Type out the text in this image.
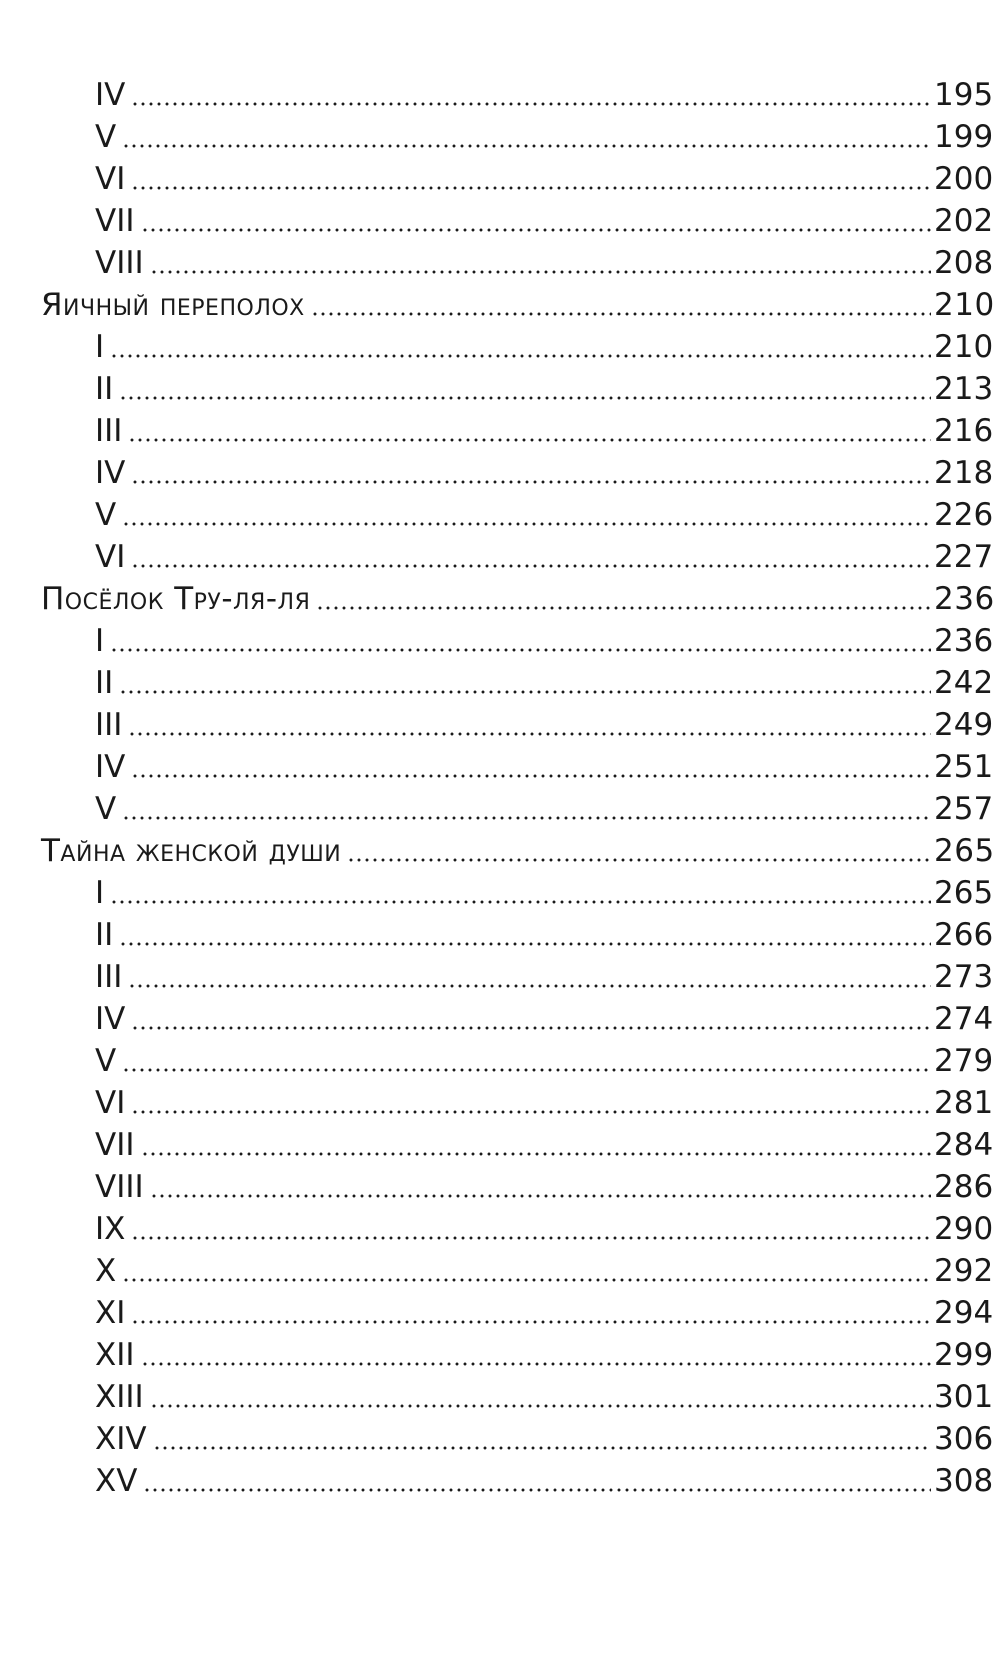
IV	195
V	199
VI	200
VII	202
VIII	208
Яичный переполох	210
I	210
II	213
III	216
IV	218
V	226
VI	227
Посёлок Тру-ля-ля	236
I	236
II	242
III	249
IV	251
V	257
Тайна женской души	265
I	265
II	266
III	273
IV	274
V	279
VI	281
VII	284
VIII	286
IX	290
X	292
XI	294
XII	299
XIII	301
XIV	306
XV	308
